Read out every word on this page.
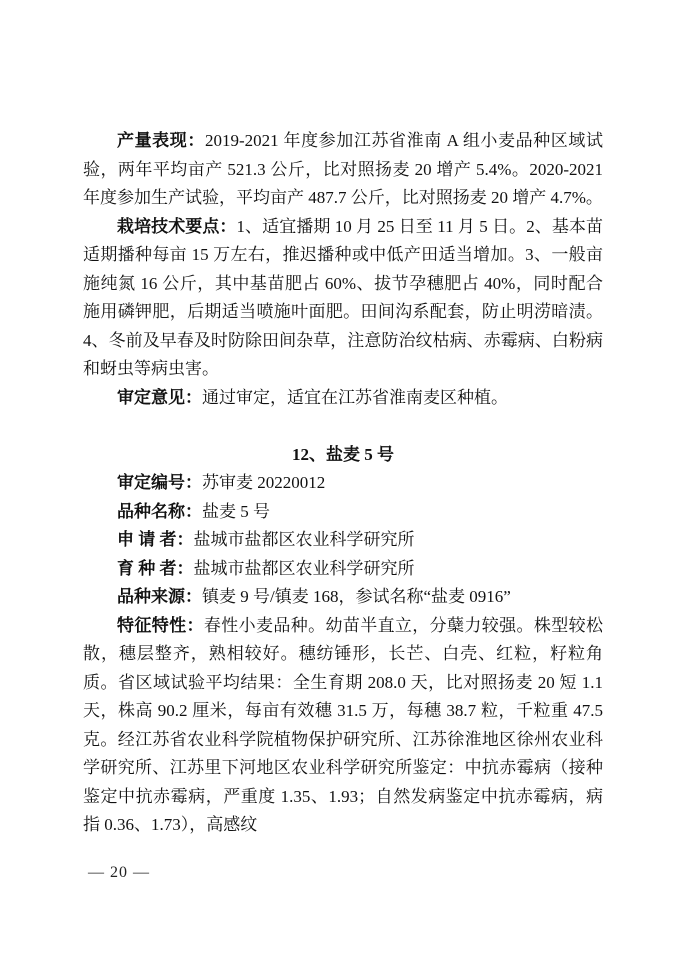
产量表现：2019-2021 年度参加江苏省淮南 A 组小麦品种区域试验，两年平均亩产 521.3 公斤，比对照扬麦 20 增产 5.4%。2020-2021 年度参加生产试验，平均亩产 487.7 公斤，比对照扬麦 20 增产 4.7%。

栽培技术要点：1、适宜播期 10 月 25 日至 11 月 5 日。2、基本苗适期播种每亩 15 万左右，推迟播种或中低产田适当增加。3、一般亩施纯氮 16 公斤，其中基苗肥占 60%、拔节孕穗肥占 40%，同时配合施用磷钾肥，后期适当喷施叶面肥。田间沟系配套，防止明涝暗渍。4、冬前及早春及时防除田间杂草，注意防治纹枯病、赤霉病、白粉病和蚜虫等病虫害。

审定意见：通过审定，适宜在江苏省淮南麦区种植。

12、盐麦 5 号

审定编号：苏审麦 20220012

品种名称：盐麦 5 号

申 请 者：盐城市盐都区农业科学研究所

育 种 者：盐城市盐都区农业科学研究所

品种来源：镇麦 9 号/镇麦 168，参试名称“盐麦 0916”

特征特性：春性小麦品种。幼苗半直立，分蘖力较强。株型较松散，穗层整齐，熟相较好。穗纺锤形，长芒、白壳、红粒，籽粒角质。省区域试验平均结果：全生育期 208.0 天，比对照扬麦 20 短 1.1 天，株高 90.2 厘米，每亩有效穗 31.5 万，每穗 38.7 粒，千粒重 47.5 克。经江苏省农业科学院植物保护研究所、江苏徐淮地区徐州农业科学研究所、江苏里下河地区农业科学研究所鉴定：中抗赤霉病（接种鉴定中抗赤霉病，严重度 1.35、1.93；自然发病鉴定中抗赤霉病，病指 0.36、1.73），高感纹

— 20 —
